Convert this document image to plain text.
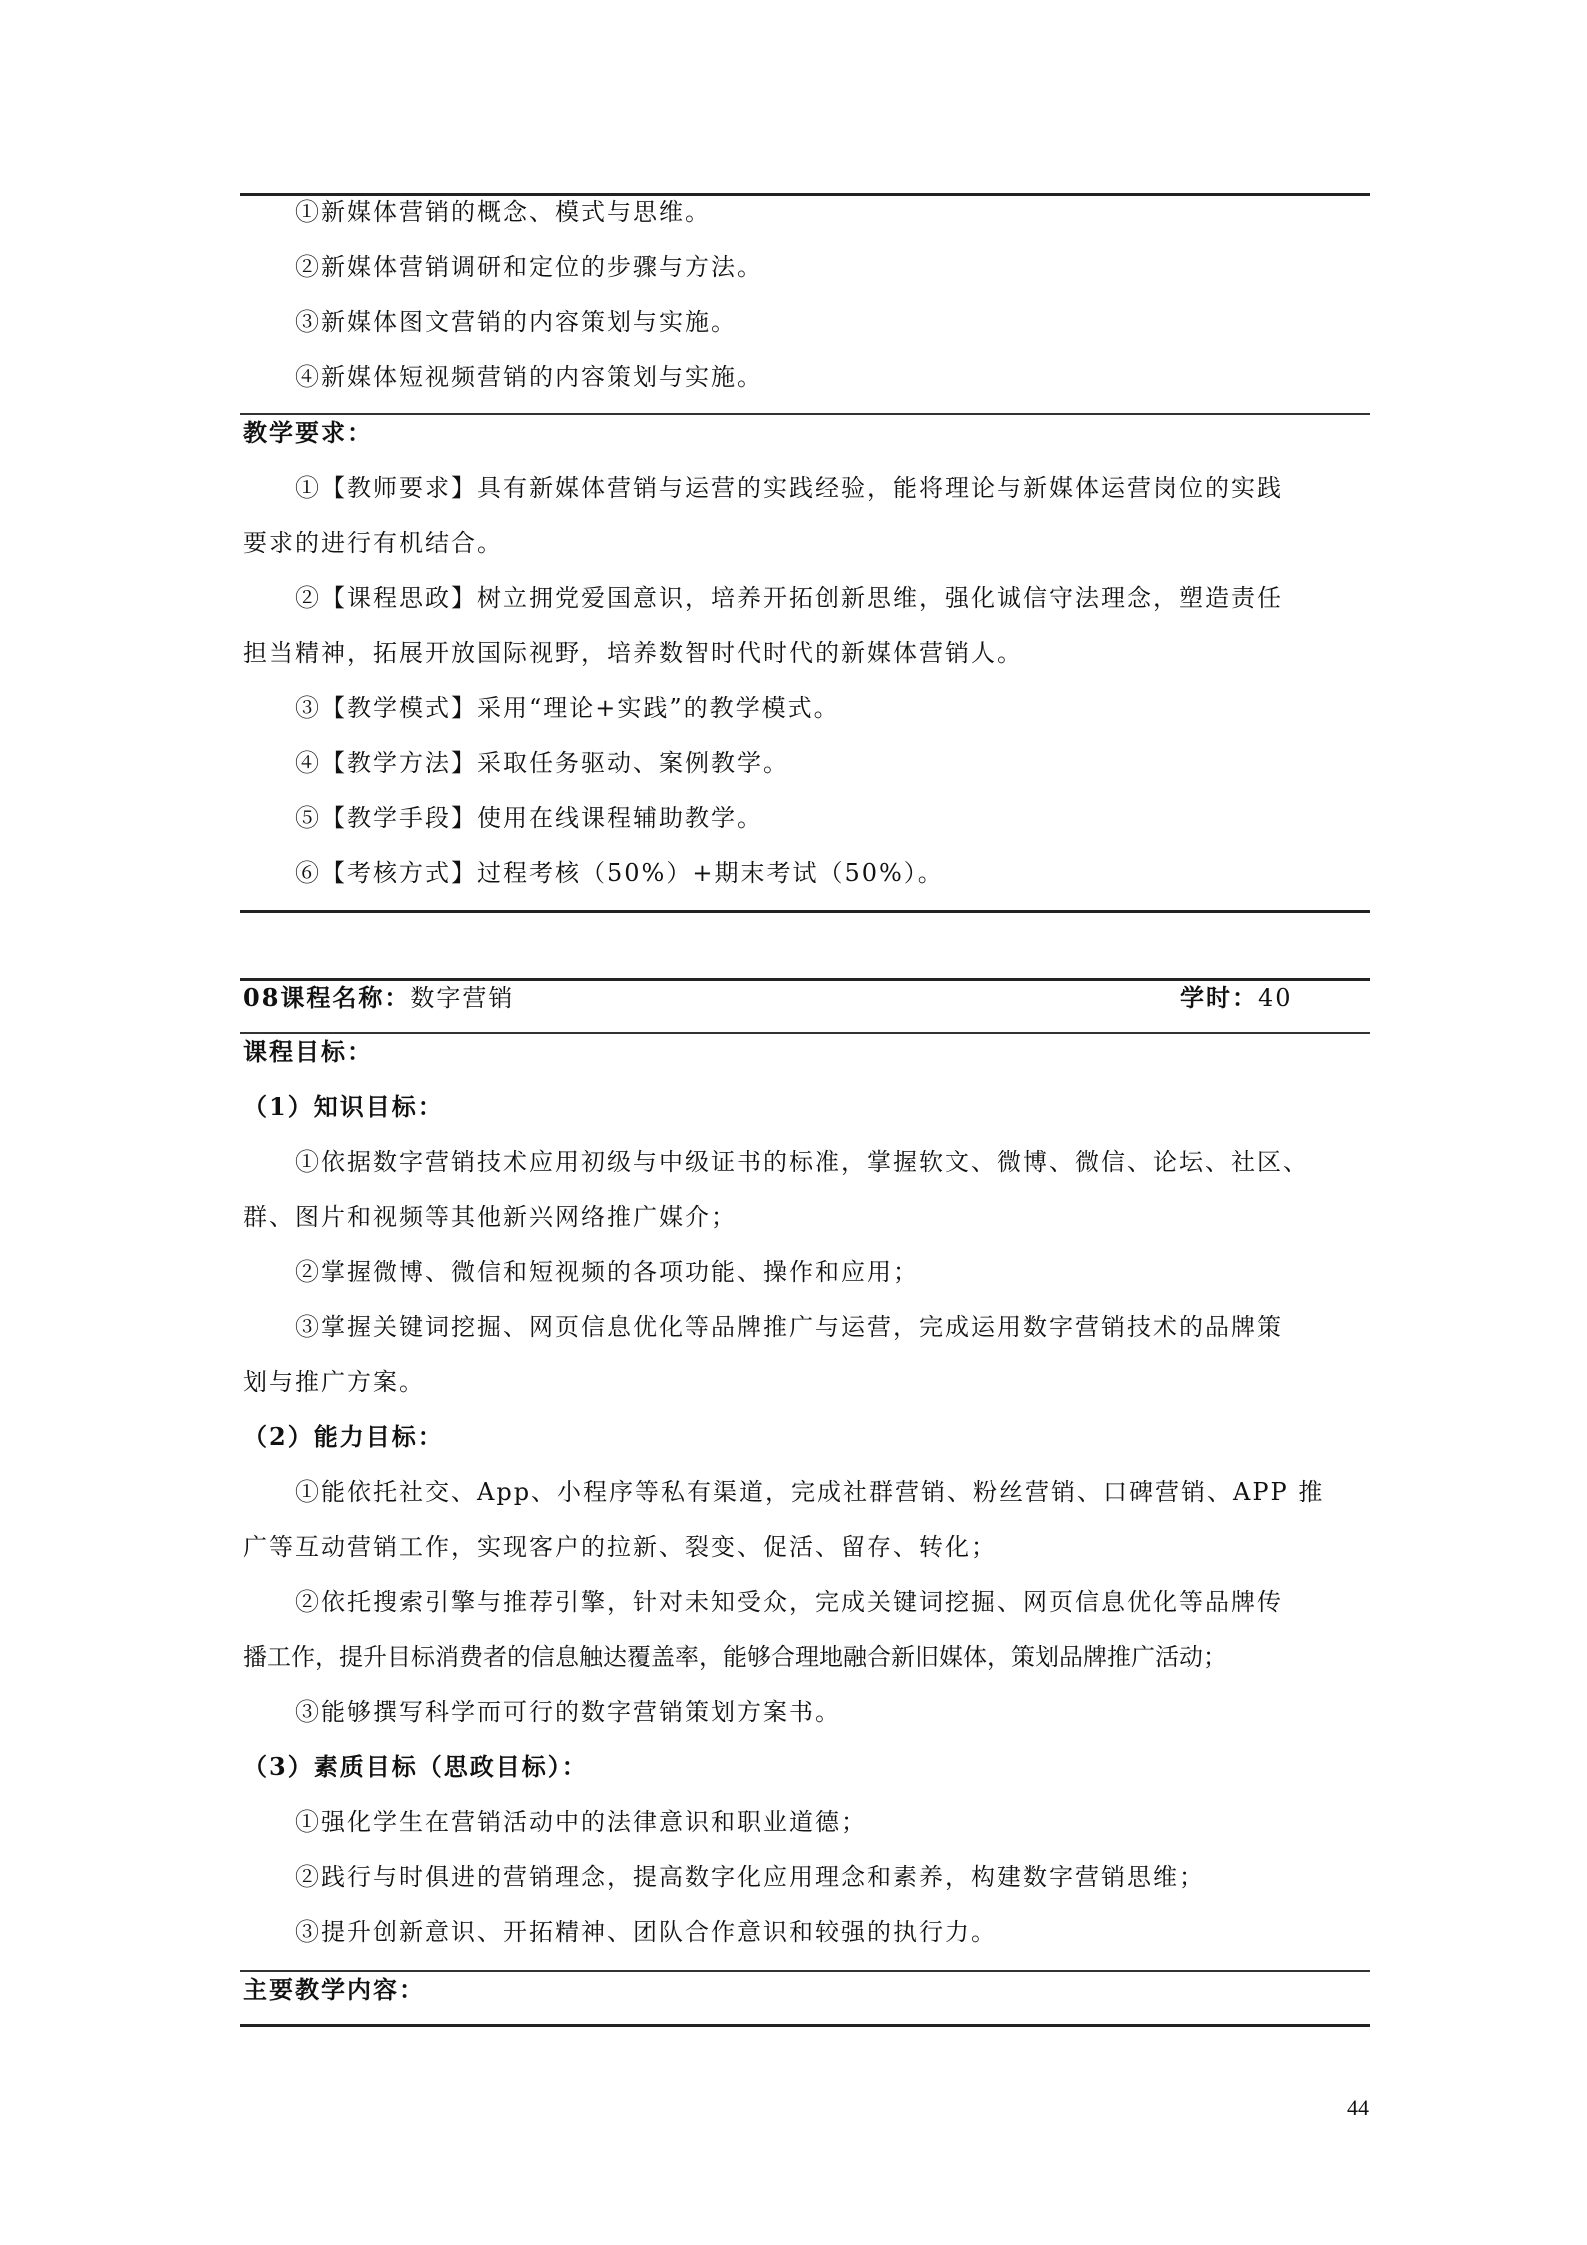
①新媒体营销的概念、模式与思维。
②新媒体营销调研和定位的步骤与方法。
③新媒体图文营销的内容策划与实施。
④新媒体短视频营销的内容策划与实施。
教学要求：
①【教师要求】具有新媒体营销与运营的实践经验，能将理论与新媒体运营岗位的实践
要求的进行有机结合。
②【课程思政】树立拥党爱国意识，培养开拓创新思维，强化诚信守法理念，塑造责任
担当精神，拓展开放国际视野，培养数智时代时代的新媒体营销人。
③【教学模式】采用“理论+实践”的教学模式。
④【教学方法】采取任务驱动、案例教学。
⑤【教学手段】使用在线课程辅助教学。
⑥【考核方式】过程考核（50%）+期末考试（50%）。
08课程名称：数字营销	学时：40
课程目标：
（1）知识目标：
①依据数字营销技术应用初级与中级证书的标准，掌握软文、微博、微信、论坛、社区、
群、图片和视频等其他新兴网络推广媒介；
②掌握微博、微信和短视频的各项功能、操作和应用；
③掌握关键词挖掘、网页信息优化等品牌推广与运营，完成运用数字营销技术的品牌策
划与推广方案。
（2）能力目标：
①能依托社交、App、小程序等私有渠道，完成社群营销、粉丝营销、口碑营销、APP 推
广等互动营销工作，实现客户的拉新、裂变、促活、留存、转化；
②依托搜索引擎与推荐引擎，针对未知受众，完成关键词挖掘、网页信息优化等品牌传
播工作，提升目标消费者的信息触达覆盖率，能够合理地融合新旧媒体，策划品牌推广活动；
③能够撰写科学而可行的数字营销策划方案书。
（3）素质目标（思政目标）：
①强化学生在营销活动中的法律意识和职业道德；
②践行与时俱进的营销理念，提高数字化应用理念和素养，构建数字营销思维；
③提升创新意识、开拓精神、团队合作意识和较强的执行力。
主要教学内容：
44
